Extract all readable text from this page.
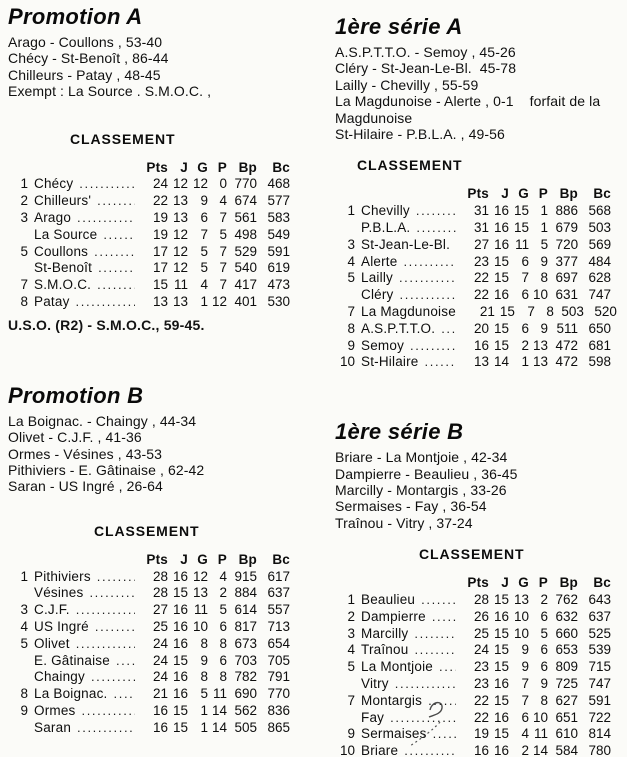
Promotion A
Arago - Coullons , 53-40
Chécy - St-Benoît , 86-44
Chilleurs - Patay , 48-45
Exempt : La Source . S.M.O.C. ,
CLASSEMENT
Pts J G P Bp	Bc
1 Chécy .....	24 12 12 0 770 468
2 Chilleurs' .....	22 13 9 4 674 577
3 Arago .....	19 13 6 7 561 583
La Source .....	19 12 7 5 498 549
5 Coullons .....	17 12 5 7 529 591
St-Benoît .....	17 12 5 7 540 619
7 S.M.O.C. .....	15 11 4 7 417 473
8 Patay .....	13 13 1 12 401 530
U.S.O. (R2) - S.M.O.C., 59-45.
Promotion B
La Boignac. - Chaingy , 44-34
Olivet - C.J.F. , 41-36
Ormes - Vésines , 43-53
Pithiviers - E. Gâtinaise , 62-42
Saran - US Ingré , 26-64
CLASSEMENT
Pts J G P Bp	Bc
1 Pithiviers .....	28 16 12 4 915 617
Vésines .....	28 15 13 2 884 637
3 C.J.F. .....	27 16 11 5 614 557
4 US Ingré .....	25 16 10 6 817 713
5 Olivet .....	24 16 8 8 673 654
E. Gâtinaise .....	24 15 9 6 703 705
Chaingy .....	24 16 8 8 782 791
8 La Boignac. .....	21 16 5 11 690 770
9 Ormes .....	16 15 1 14 562 836
Saran .....	16 15 1 14 505 865
1ère série A
A.S.P.T.T.O. - Semoy , 45-26
Cléry - St-Jean-Le-Bl.  45-78
Lailly - Chevilly , 55-59
La Magdunoise - Alerte , 0-1    forfait de la
Magdunoise
St-Hilaire - P.B.L.A. , 49-56
CLASSEMENT
Pts J G P Bp	Bc
1 Chevilly .....	31 16 15 1 886 568
P.B.L.A. .....	31 16 15 1 679 503
3 St-Jean-Le-Bl.	27 16 11 5 720 569
4 Alerte .....	23 15 6 9 377 484
5 Lailly .....	22 15 7 8 697 628
Cléry .....	22 16 6 10 631 747
7 La Magdunoise	21 15 7 8 503 520
8 A.S.P.T.T.O. .....	20 15 6 9 511 650
9 Semoy .....	16 15 2 13 472 681
10 St-Hilaire .....	13 14 1 13 472 598
1ère série B
Briare - La Montjoie , 42-34
Dampierre - Beaulieu , 36-45
Marcilly - Montargis , 33-26
Sermaises - Fay , 36-54
Traînou - Vitry , 37-24
CLASSEMENT
Pts J G P Bp	Bc
1 Beaulieu .....	28 15 13 2 762 643
2 Dampierre .....	26 16 10 6 632 637
3 Marcilly .....	25 15 10 5 660 525
4 Traînou .....	24 15 9 6 653 539
5 La Montjoie .....	23 15 9 6 809 715
Vitry .....	23 16 7 9 725 747
7 Montargis .....	22 15 7 8 627 591
Fay .....	22 16 6 10 651 722
9 Sermaises .....	19 15 4 11 610 814
10 Briare .....	16 16 2 14 584 780
